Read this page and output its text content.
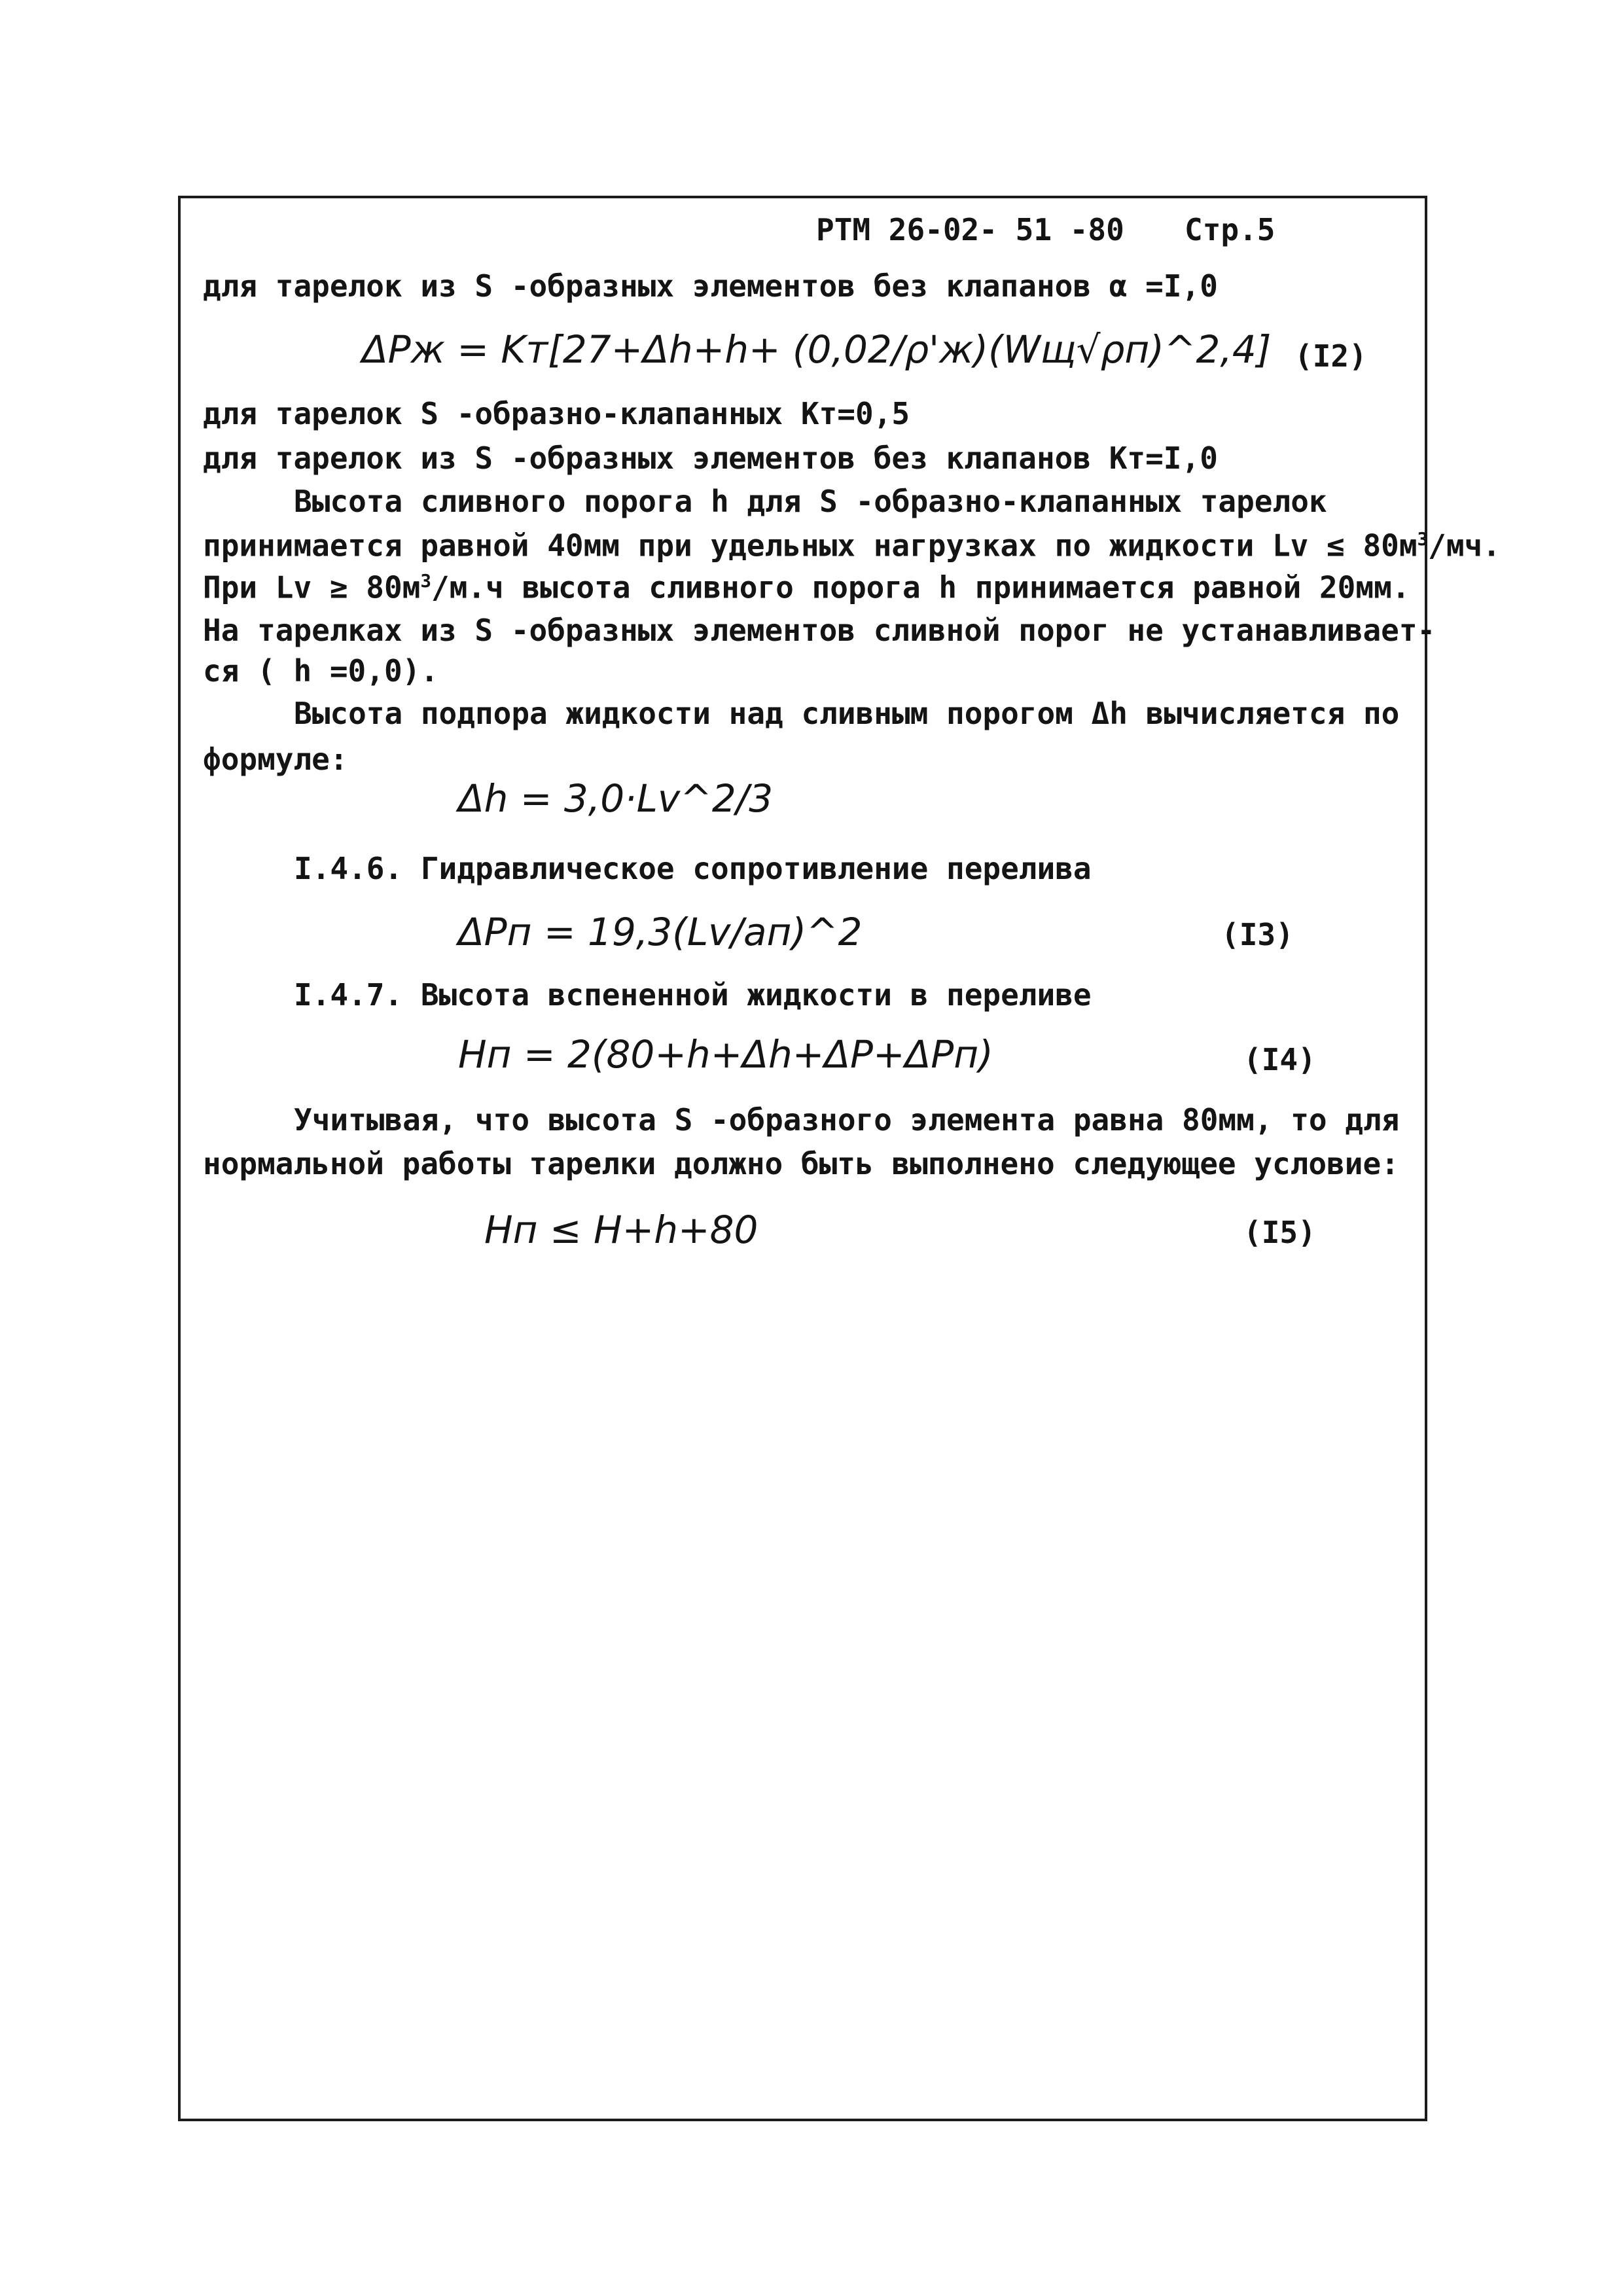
РТМ 26-02- 51 -80 Стр.5
для тарелок из S -образных элементов без клапанов α =I,0
ΔPж = Kт[27+Δh+h+ (0,02/ρ'ж)(Wщ√ρп)^2,4] (I2)
для тарелок S -образно-клапанных Кт=0,5
для тарелок из S -образных элементов без клапанов Кт=I,0
Высота сливного порога h для S -образно-клапанных тарелок
принимается равной 40мм при удельных нагрузках по жидкости $Lv \le 80м^3/мч$.
При $Lv \ge 80м^3/м.ч$ высота сливного порога h принимается равной 20мм.
На тарелках из S -образных элементов сливной порог не устанавливает-
ся ( h =0,0).
Высота подпора жидкости над сливным порогом Δh вычисляется по
формуле:
Δh = 3,0·Lv^2/3
I.4.6. Гидравлическое сопротивление перелива
ΔPп = 19,3(Lv/aп)^2	(I3)
I.4.7. Высота вспененной жидкости в переливе
Hп = 2(80+h+Δh+ΔP+ΔPп)	(I4)
Учитывая, что высота S -образного элемента равна 80мм, то для
нормальной работы тарелки должно быть выполнено следующее условие:
Hп ≤ H+h+80	(I5)
